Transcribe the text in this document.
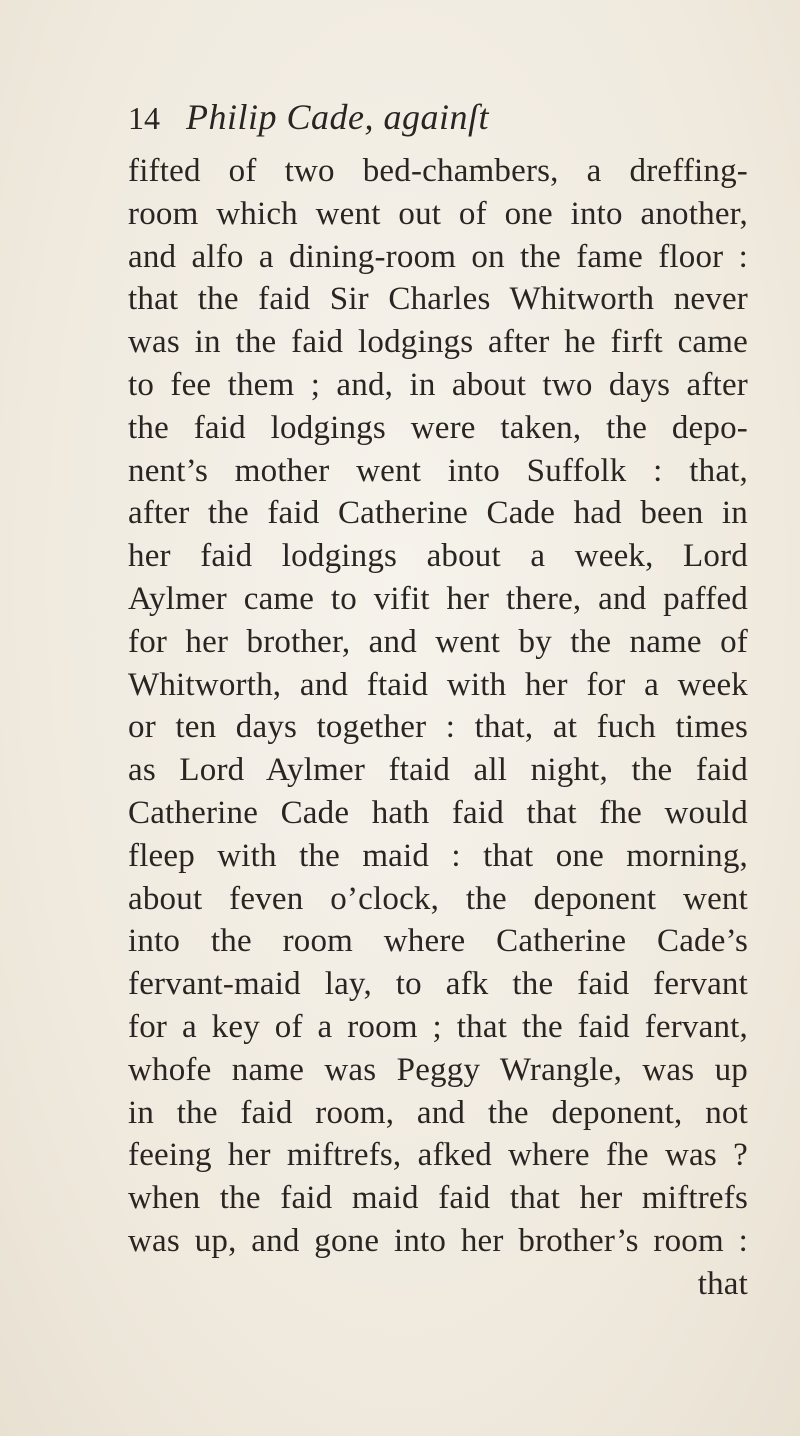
14 Philip Cade, againſt
fifted of two bed-chambers, a dreffing-
room which went out of one into another,
and alfo a dining-room on the fame floor :
that the faid Sir Charles Whitworth never
was in the faid lodgings after he firft came
to fee them ; and, in about two days after
the faid lodgings were taken, the depo-
nent’s mother went into Suffolk : that,
after the faid Catherine Cade had been in
her faid lodgings about a week, Lord
Aylmer came to vifit her there, and paffed
for her brother, and went by the name of
Whitworth, and ftaid with her for a week
or ten days together : that, at fuch times
as Lord Aylmer ftaid all night, the faid
Catherine Cade hath faid that fhe would
fleep with the maid : that one morning,
about feven o’clock, the deponent went
into the room where Catherine Cade’s
fervant-maid lay, to afk the faid fervant
for a key of a room ; that the faid fervant,
whofe name was Peggy Wrangle, was up
in the faid room, and the deponent, not
feeing her miftrefs, afked where fhe was ?
when the faid maid faid that her miftrefs
was up, and gone into her brother’s room :
that
